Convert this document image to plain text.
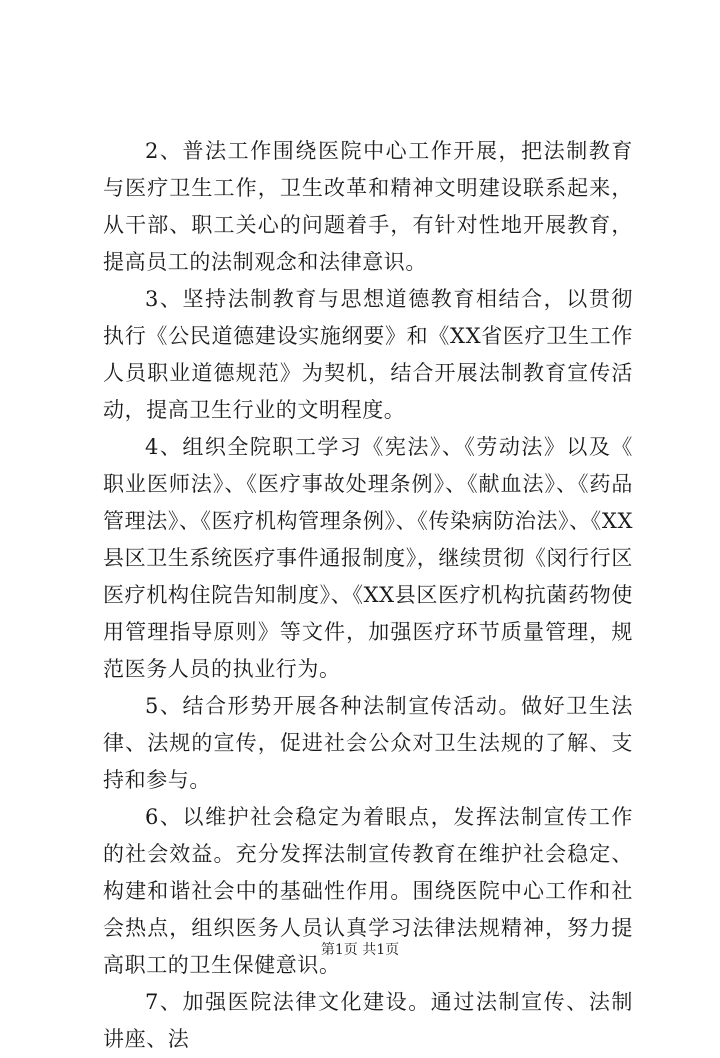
2、普法工作围绕医院中心工作开展，把法制教育与医疗卫生工作，卫生改革和精神文明建设联系起来，从干部、职工关心的问题着手，有针对性地开展教育，提高员工的法制观念和法律意识。

3、坚持法制教育与思想道德教育相结合，以贯彻执行《公民道德建设实施纲要》和《XX省医疗卫生工作人员职业道德规范》为契机，结合开展法制教育宣传活动，提高卫生行业的文明程度。

4、组织全院职工学习《宪法》、《劳动法》以及《职业医师法》、《医疗事故处理条例》、《献血法》、《药品管理法》、《医疗机构管理条例》、《传染病防治法》、《XX县区卫生系统医疗事件通报制度》，继续贯彻《闵行行区医疗机构住院告知制度》、《XX县区医疗机构抗菌药物使用管理指导原则》等文件，加强医疗环节质量管理，规范医务人员的执业行为。

5、结合形势开展各种法制宣传活动。做好卫生法律、法规的宣传，促进社会公众对卫生法规的了解、支持和参与。

6、以维护社会稳定为着眼点，发挥法制宣传工作的社会效益。充分发挥法制宣传教育在维护社会稳定、构建和谐社会中的基础性作用。围绕医院中心工作和社会热点，组织医务人员认真学习法律法规精神，努力提高职工的卫生保健意识。

7、加强医院法律文化建设。通过法制宣传、法制讲座、法

第1页 共1页
